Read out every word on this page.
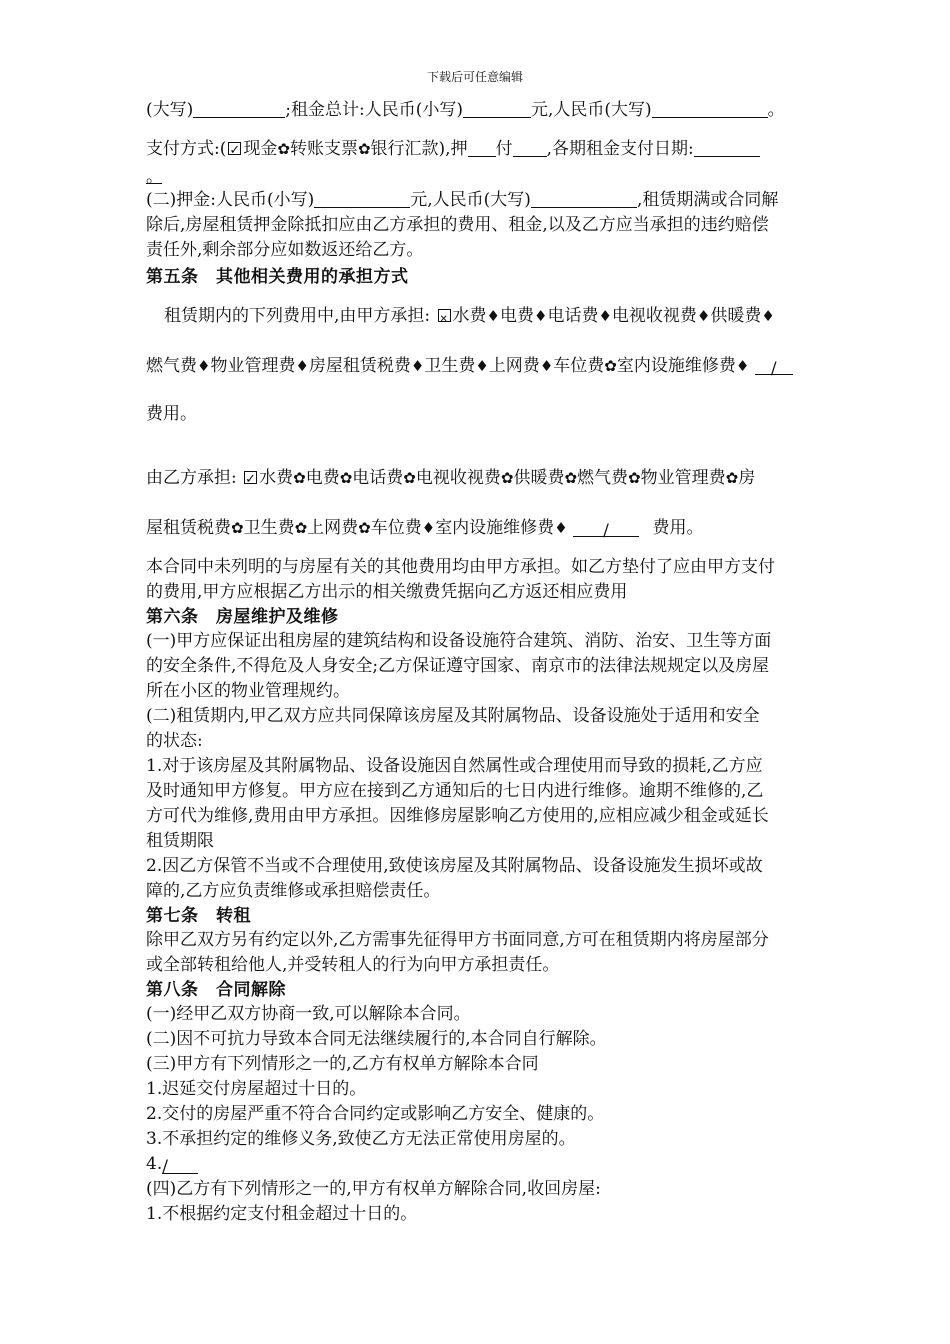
下载后可任意编辑
(大写)	;租金总计:人民币(小写)	元,人民币(大写)	。
支付方式:( ✓ 现金✿转账支票✿银行汇款),押 付 ,各期租金支付日期:
。
(二)押金:人民币(小写)	元,人民币(大写)	,租赁期满或合同解
除后,房屋租赁押金除抵扣应由乙方承担的费用、租金,以及乙方应当承担的违约赔偿
责任外,剩余部分应如数返还给乙方。
第五条　其他相关费用的承担方式
租赁期内的下列费用中,由甲方承担: ✕ 水费♦电费♦电话费♦电视收视费♦供暖费♦
燃气费♦物业管理费♦房屋租赁税费♦卫生费♦上网费♦车位费✿室内设施维修费♦ /
费用。
由乙方承担: ✓ 水费✿电费✿电话费✿电视收视费✿供暖费✿燃气费✿物业管理费✿房
屋租赁税费✿卫生费✿上网费✿车位费♦室内设施维修费♦ /	费用。
本合同中未列明的与房屋有关的其他费用均由甲方承担。如乙方垫付了应由甲方支付
的费用,甲方应根据乙方出示的相关缴费凭据向乙方返还相应费用
第六条　房屋维护及维修
(一)甲方应保证出租房屋的建筑结构和设备设施符合建筑、消防、治安、卫生等方面
的安全条件,不得危及人身安全;乙方保证遵守国家、南京市的法律法规规定以及房屋
所在小区的物业管理规约。
(二)租赁期内,甲乙双方应共同保障该房屋及其附属物品、设备设施处于适用和安全
的状态:
1.对于该房屋及其附属物品、设备设施因自然属性或合理使用而导致的损耗,乙方应
及时通知甲方修复。甲方应在接到乙方通知后的七日内进行维修。逾期不维修的,乙
方可代为维修,费用由甲方承担。因维修房屋影响乙方使用的,应相应减少租金或延长
租赁期限
2.因乙方保管不当或不合理使用,致使该房屋及其附属物品、设备设施发生损坏或故
障的,乙方应负责维修或承担赔偿责任。
第七条　转租
除甲乙双方另有约定以外,乙方需事先征得甲方书面同意,方可在租赁期内将房屋部分
或全部转租给他人,并受转租人的行为向甲方承担责任。
第八条　合同解除
(一)经甲乙双方协商一致,可以解除本合同。
(二)因不可抗力导致本合同无法继续履行的,本合同自行解除。
(三)甲方有下列情形之一的,乙方有权单方解除本合同
1.迟延交付房屋超过十日的。
2.交付的房屋严重不符合合同约定或影响乙方安全、健康的。
3.不承担约定的维修义务,致使乙方无法正常使用房屋的。
4./
(四)乙方有下列情形之一的,甲方有权单方解除合同,收回房屋:
1.不根据约定支付租金超过十日的。
